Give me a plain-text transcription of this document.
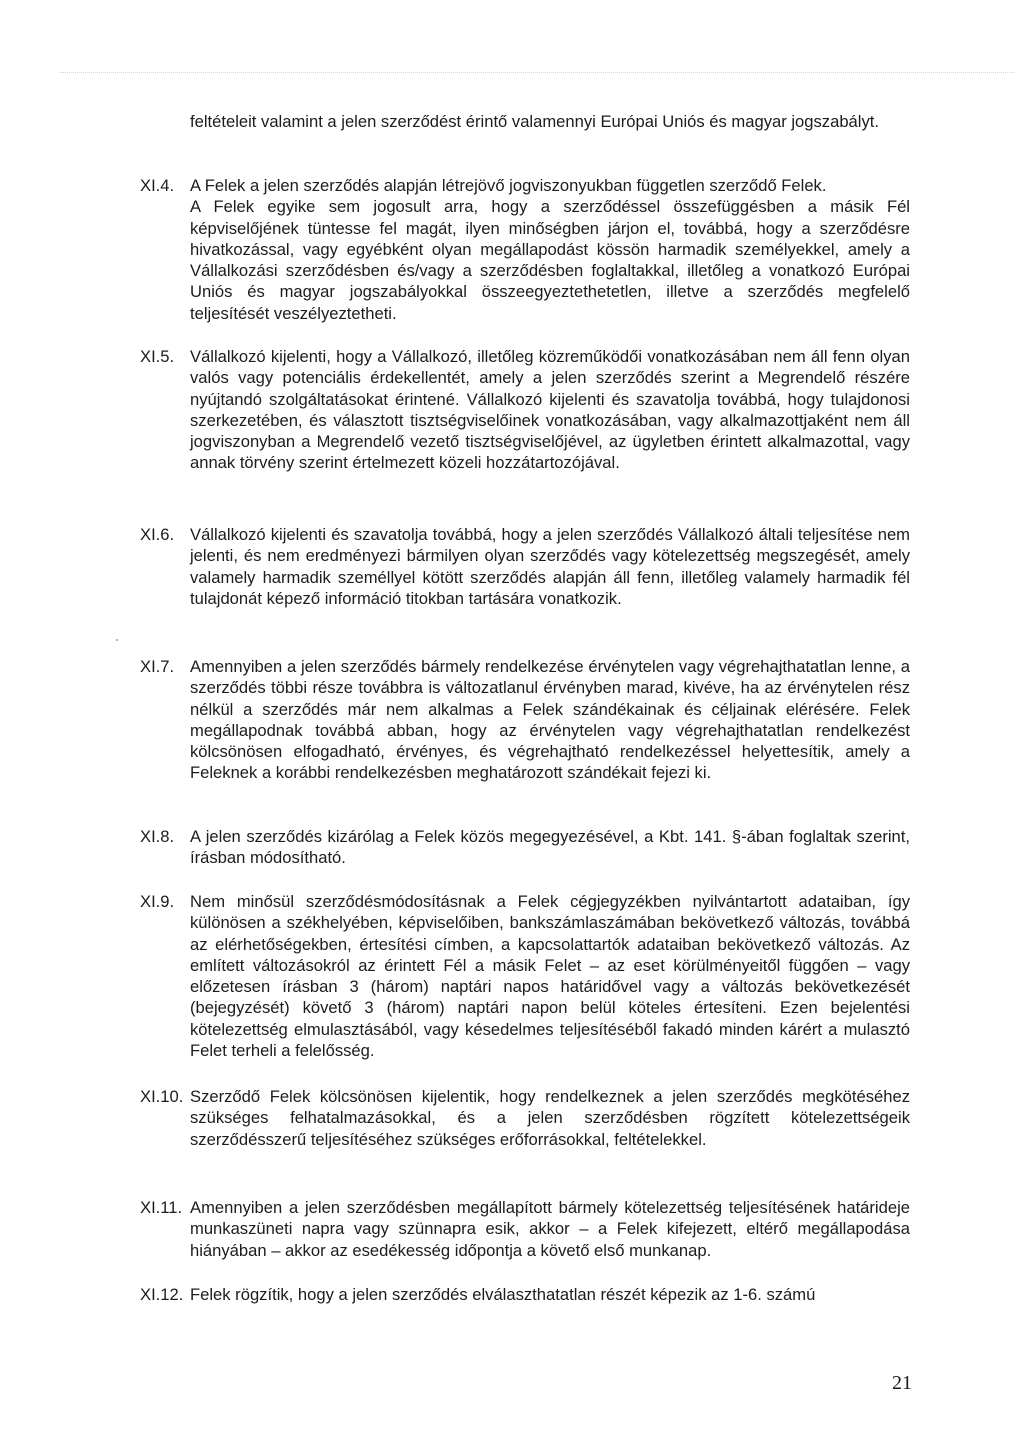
feltételeit valamint a jelen szerződést érintő valamennyi Európai Uniós és magyar jogszabályt.
XI.4. A Felek a jelen szerződés alapján létrejövő jogviszonyukban független szerződő Felek.

A Felek egyike sem jogosult arra, hogy a szerződéssel összefüggésben a másik Fél képviselőjének tüntesse fel magát, ilyen minőségben járjon el, továbbá, hogy a szerződésre hivatkozással, vagy egyébként olyan megállapodást kössön harmadik személyekkel, amely a Vállalkozási szerződésben és/vagy a szerződésben foglaltakkal, illetőleg a vonatkozó Európai Uniós és magyar jogszabályokkal összeegyeztethetetlen, illetve a szerződés megfelelő teljesítését veszélyeztetheti.

XI.5. Vállalkozó kijelenti, hogy a Vállalkozó, illetőleg közreműködői vonatkozásában nem áll fenn olyan valós vagy potenciális érdekellentét, amely a jelen szerződés szerint a Megrendelő részére nyújtandó szolgáltatásokat érintené. Vállalkozó kijelenti és szavatolja továbbá, hogy tulajdonosi szerkezetében, és választott tisztségviselőinek vonatkozásában, vagy alkalmazottjaként nem áll jogviszonyban a Megrendelő vezető tisztségviselőjével, az ügyletben érintett alkalmazottal, vagy annak törvény szerint értelmezett közeli hozzátartozójával.

XI.6. Vállalkozó kijelenti és szavatolja továbbá, hogy a jelen szerződés Vállalkozó általi teljesítése nem jelenti, és nem eredményezi bármilyen olyan szerződés vagy kötelezettség megszegését, amely valamely harmadik személlyel kötött szerződés alapján áll fenn, illetőleg valamely harmadik fél tulajdonát képező információ titokban tartására vonatkozik.

XI.7. Amennyiben a jelen szerződés bármely rendelkezése érvénytelen vagy végrehajthatatlan lenne, a szerződés többi része továbbra is változatlanul érvényben marad, kivéve, ha az érvénytelen rész nélkül a szerződés már nem alkalmas a Felek szándékainak és céljainak elérésére. Felek megállapodnak továbbá abban, hogy az érvénytelen vagy végrehajthatatlan rendelkezést kölcsönösen elfogadható, érvényes, és végrehajtható rendelkezéssel helyettesítik, amely a Feleknek a korábbi rendelkezésben meghatározott szándékait fejezi ki.

XI.8. A jelen szerződés kizárólag a Felek közös megegyezésével, a Kbt. 141. §-ában foglaltak szerint, írásban módosítható.

XI.9. Nem minősül szerződésmódosításnak a Felek cégjegyzékben nyilvántartott adataiban, így különösen a székhelyében, képviselőiben, bankszámlaszámában bekövetkező változás, továbbá az elérhetőségekben, értesítési címben, a kapcsolattartók adataiban bekövetkező változás. Az említett változásokról az érintett Fél a másik Felet – az eset körülményeitől függően – vagy előzetesen írásban 3 (három) naptári napos határidővel vagy a változás bekövetkezését (bejegyzését) követő 3 (három) naptári napon belül köteles értesíteni. Ezen bejelentési kötelezettség elmulasztásából, vagy késedelmes teljesítéséből fakadó minden kárért a mulasztó Felet terheli a felelősség.

XI.10. Szerződő Felek kölcsönösen kijelentik, hogy rendelkeznek a jelen szerződés megkötéséhez szükséges felhatalmazásokkal, és a jelen szerződésben rögzített kötelezettségeik szerződésszerű teljesítéséhez szükséges erőforrásokkal, feltételekkel.

XI.11. Amennyiben a jelen szerződésben megállapított bármely kötelezettség teljesítésének határideje munkaszüneti napra vagy szünnapra esik, akkor – a Felek kifejezett, eltérő megállapodása hiányában – akkor az esedékesség időpontja a követő első munkanap.

XI.12. Felek rögzítik, hogy a jelen szerződés elválaszthatatlan részét képezik az 1-6. számú

21
